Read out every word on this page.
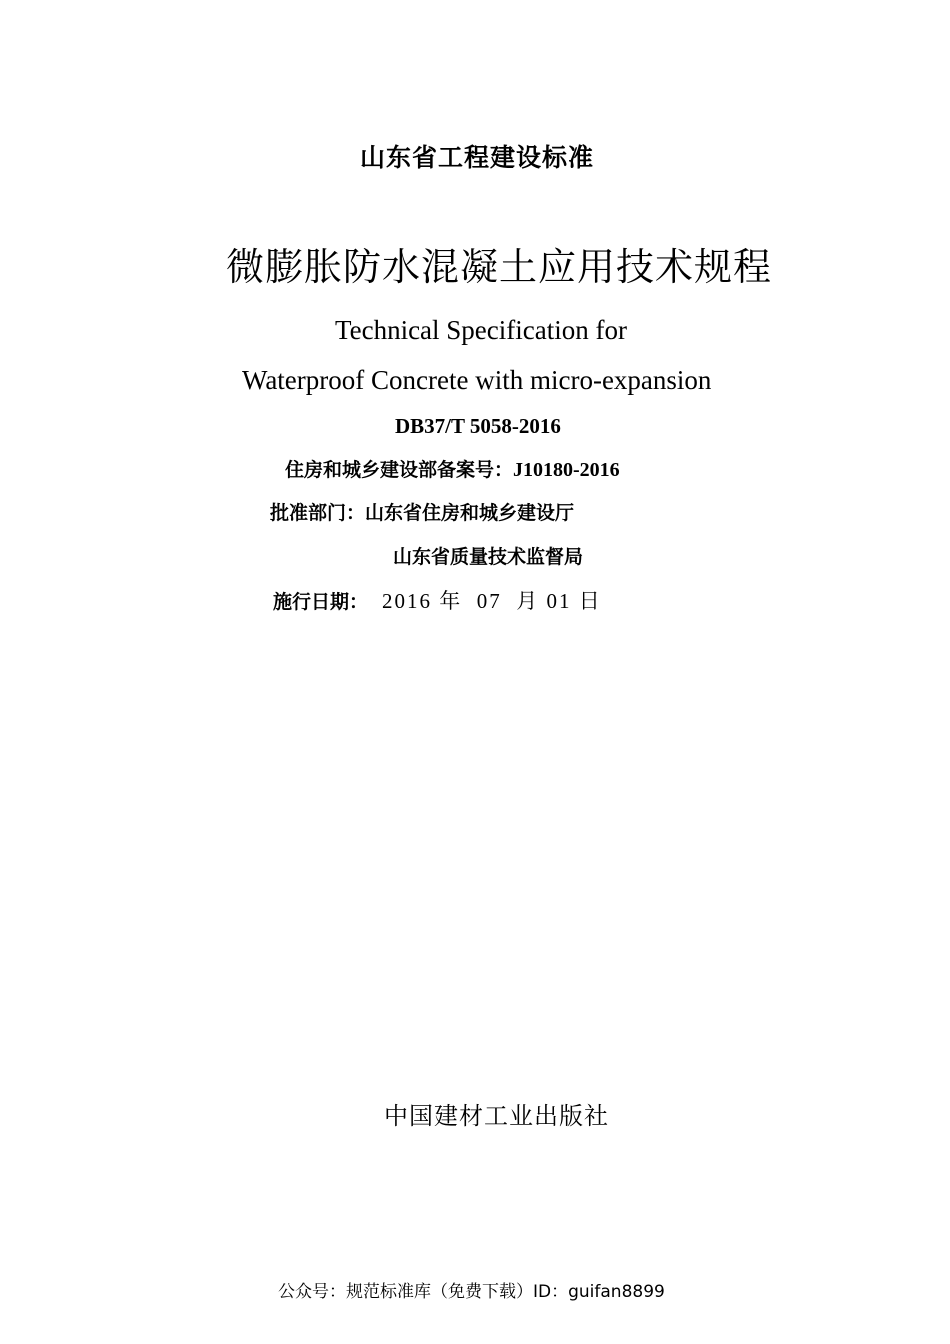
山东省工程建设标准
微膨胀防水混凝土应用技术规程
Technical Specification for
Waterproof Concrete with micro-expansion
DB37/T 5058-2016
住房和城乡建设部备案号：J10180-2016
批准部门：山东省住房和城乡建设厅
山东省质量技术监督局
施行日期： 2016 年  07  月 01 日
中国建材工业出版社
公众号：规范标准库（免费下载）ID：guifan8899
